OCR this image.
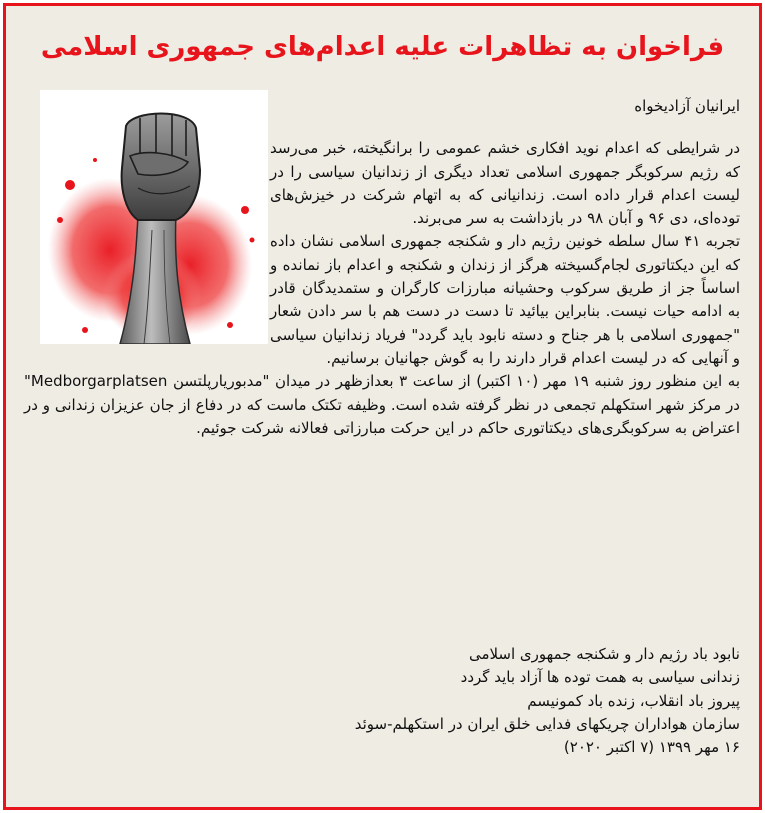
فراخوان به تظاهرات علیه اعدام‌های جمهوری اسلامی

ایرانیان آزادیخواه

در شرایطی که اعدام نوید افکاری خشم عمومی را برانگیخته، خبر می‌رسد که رژیم سرکوبگر جمهوری اسلامی تعداد دیگری از زندانیان سیاسی را در لیست اعدام قرار داده است. زندانیانی که به اتهام شرکت در خیزش‌های توده‌ای، دی ۹۶ و آبان ۹۸ در بازداشت به سر می‌برند.

تجربه ۴۱ سال سلطه خونین رژیم دار و شکنجه جمهوری اسلامی نشان داده که این دیکتاتوری لجام‌گسیخته هرگز از زندان و شکنجه و اعدام باز نمانده و اساساً جز از طریق سرکوب وحشیانه مبارزات کارگران و ستمدیدگان قادر به ادامه حیات نیست. بنابراین بیائید تا دست در دست هم با سر دادن شعار "جمهوری اسلامی با هر جناح و دسته نابود باید گردد" فریاد زندانیان سیاسی و آنهایی که در لیست اعدام قرار دارند را به گوش جهانیان برسانیم.

به این منظور روز شنبه ۱۹ مهر (۱۰ اکتبر) از ساعت ۳ بعدازظهر در میدان "مدبوریارپلتسن Medborgarplatsen" در مرکز شهر استکهلم تجمعی در نظر گرفته شده است. وظیفه تکتک ماست که در دفاع از جان عزیزان زندانی و در اعتراض به سرکوبگری‌های دیکتاتوری حاکم در این حرکت مبارزاتی فعالانه شرکت جوئیم.

نابود باد رژیم دار و شکنجه جمهوری اسلامی

زندانی سیاسی به همت توده ها آزاد باید گردد

پیروز باد انقلاب، زنده باد کمونیسم

سازمان هواداران چریکهای فدایی خلق ایران در استکهلم-سوئد

۱۶ مهر ۱۳۹۹ (۷ اکتبر ۲۰۲۰)
